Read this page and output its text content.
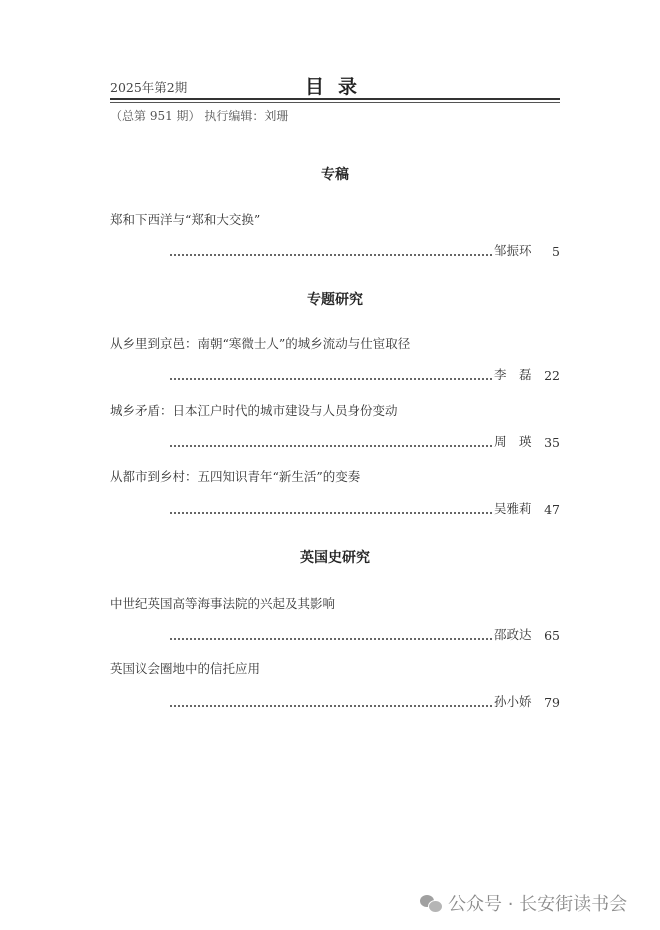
2025年第2期	目录
（总第 951 期） 执行编辑：刘珊
专稿
郑和下西洋与“郑和大交换”
邹振环	5
专题研究
从乡里到京邑：南朝“寒微士人”的城乡流动与仕宦取径
李　磊	22
城乡矛盾：日本江户时代的城市建设与人员身份变动
周　瑛	35
从都市到乡村：五四知识青年“新生活”的变奏
吴雅莉	47
英国史研究
中世纪英国高等海事法院的兴起及其影响
邵政达	65
英国议会圈地中的信托应用
孙小娇	79
公众号 · 长安街读书会
